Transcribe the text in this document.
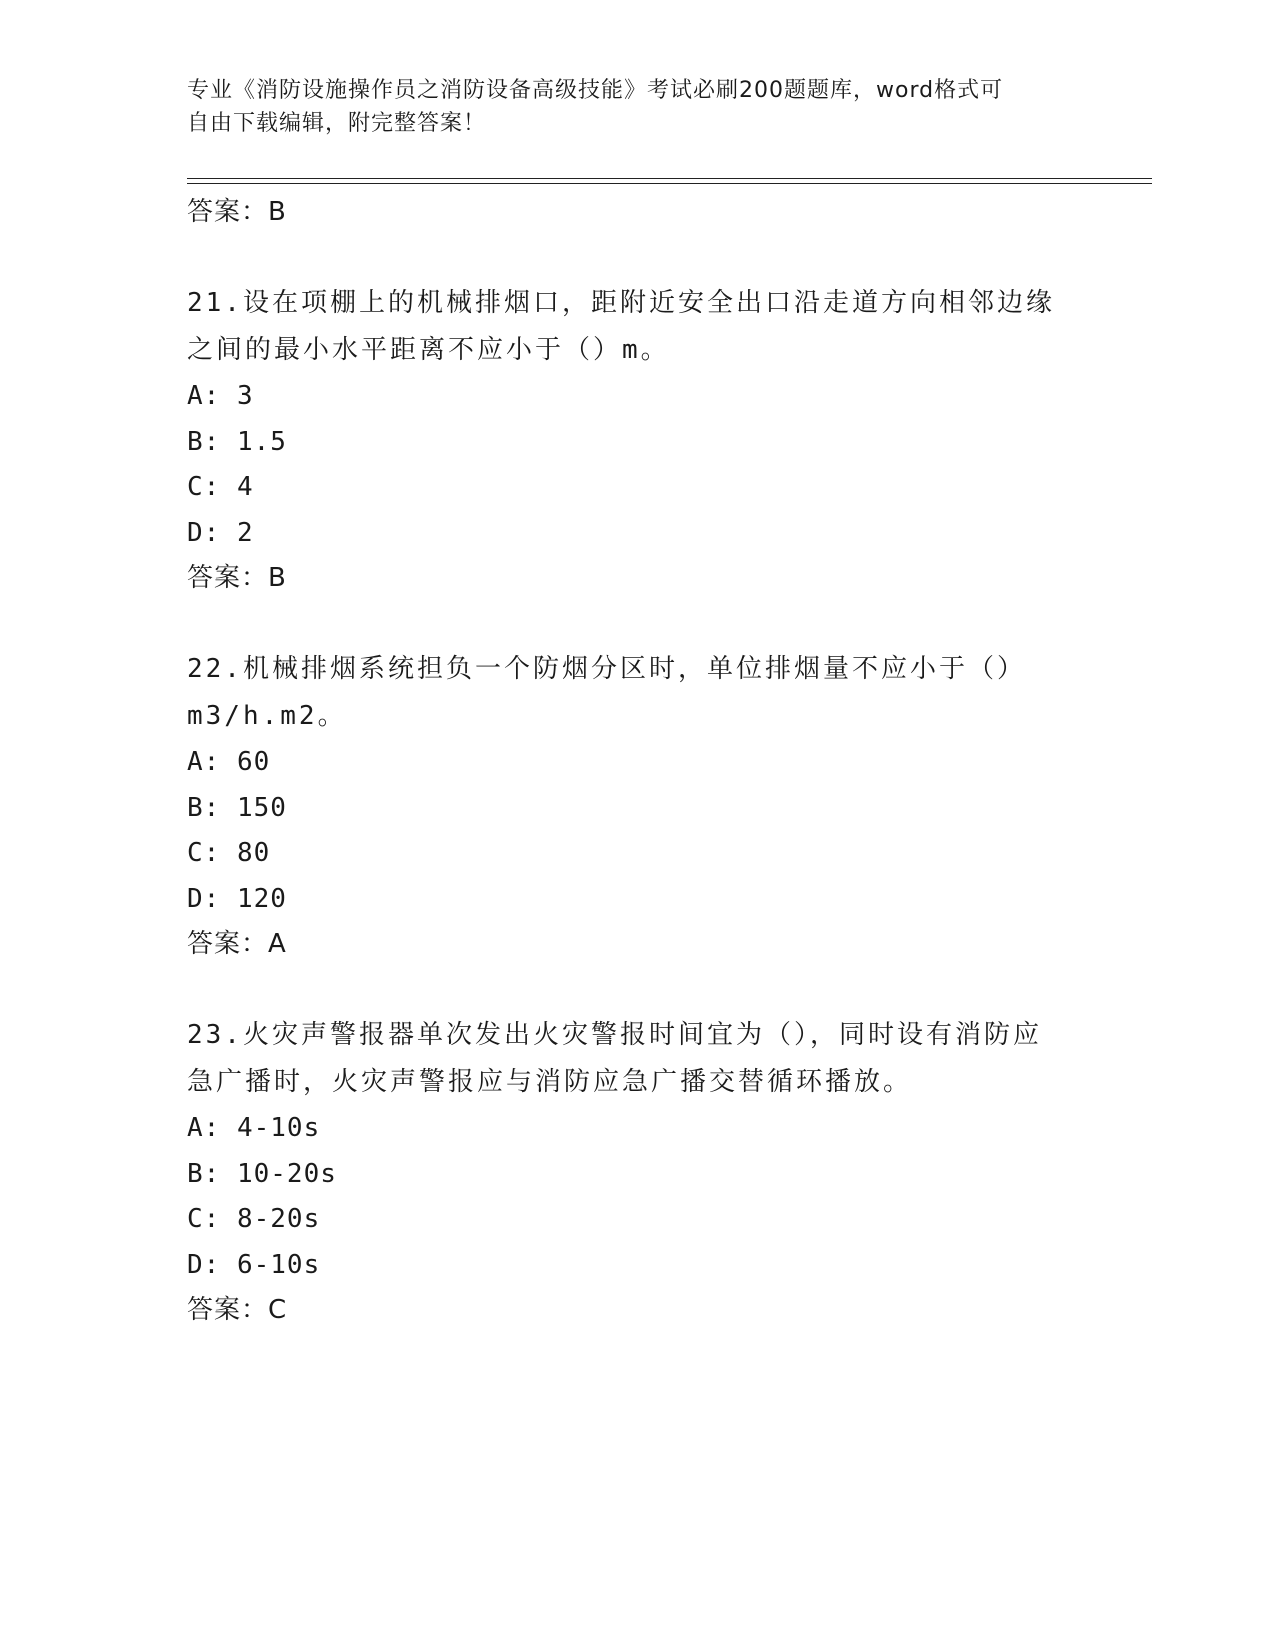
专业《消防设施操作员之消防设备高级技能》考试必刷200题题库，word格式可
自由下载编辑，附完整答案！
答案：B
21.设在项棚上的机械排烟口，距附近安全出口沿走道方向相邻边缘之间的最小水平距离不应小于（）m。
A: 3
B: 1.5
C: 4
D: 2
答案：B
22.机械排烟系统担负一个防烟分区时，单位排烟量不应小于（）m3/h.m2。
A: 60
B: 150
C: 80
D: 120
答案：A
23.火灾声警报器单次发出火灾警报时间宜为（），同时设有消防应急广播时，火灾声警报应与消防应急广播交替循环播放。
A: 4-10s
B: 10-20s
C: 8-20s
D: 6-10s
答案：C
